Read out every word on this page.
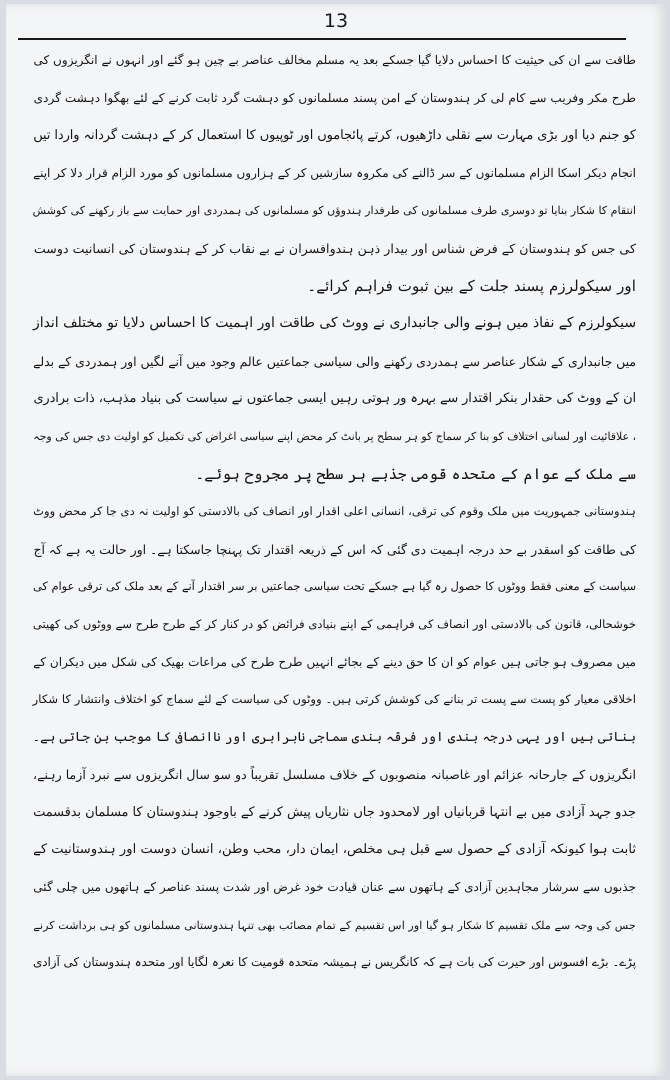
13
طاقت سے ان کی حیثیت کا احساس دلایا گیا جسکے بعد یہ مسلم مخالف عناصر بے چین ہو گئے اور انہوں نے انگریزوں کی
طرح مکر وفریب سے کام لی کر ہندوستان کے امن پسند مسلمانوں کو دہشت گرد ثابت کرنے کے لئے بھگوا دہشت گردی
کو جنم دیا اور بڑی مہارت سے نقلی داڑھیوں، کرتے پائجاموں اور ٹوپیوں کا استعمال کر کے دہشت گردانہ واردا تیں
انجام دیکر اسکا الزام مسلمانوں کے سر ڈالنے کی مکروہ سازشیں کر کے ہزاروں مسلمانوں کو مورد الزام قرار دلا کر اپنے
انتقام کا شکار بنایا تو دوسری طرف مسلمانوں کی طرفدار ہندوؤں کو مسلمانوں کی ہمدردی اور حمایت سے باز رکھنے کی کوشش
کی جس کو ہندوستان کے فرض شناس اور بیدار ذہن ہندوافسران نے بے نقاب کر کے ہندوستان کی انسانیت دوست
اور سیکولرزم پسند جلت کے بین ثبوت فراہم کرائے۔
سیکولرزم کے نفاذ میں ہونے والی جانبداری نے ووٹ کی طاقت اور اہمیت کا احساس دلایا تو مختلف انداز
میں جانبداری کے شکار عناصر سے ہمدردی رکھنے والی سیاسی جماعتیں عالم وجود میں آنے لگیں اور ہمدردی کے بدلے
ان کے ووٹ کی حقدار بنکر اقتدار سے بہرہ ور ہوتی رہیں ایسی جماعتوں نے سیاست کی بنیاد مذہب، ذات برادری
، علاقائیت اور لسانی اختلاف کو بنا کر سماج کو ہر سطح پر بانٹ کر محض اپنے سیاسی اغراض کی تکمیل کو اولیت دی جس کی وجہ
سے ملک کے عوام کے متحدہ قومی جذبے ہر سطح پر مجروح ہوئے۔
ہندوستانی جمہوریت میں ملک وقوم کی ترقی، انسانی اعلی اقدار اور انصاف کی بالادستی کو اولیت نہ دی جا کر محض ووٹ
کی طاقت کو اسقدر بے حد درجہ اہمیت دی گئی کہ اس کے ذریعہ اقتدار تک پہنچا جاسکتا ہے۔ اور حالت یہ ہے کہ آج
سیاست کے معنی فقط ووٹوں کا حصول رہ گیا ہے جسکے تحت سیاسی جماعتیں بر سر اقتدار آنے کے بعد ملک کی ترقی عوام کی
خوشحالی، قانون کی بالادستی اور انصاف کی فراہمی کے اپنے بنیادی فرائض کو در کنار کر کے طرح طرح سے ووٹوں کی کھیتی
میں مصروف ہو جاتی ہیں عوام کو ان کا حق دینے کے بجائے انہیں طرح طرح کی مراعات بھیک کی شکل میں دیکران کے
اخلاقی معیار کو پست سے پست تر بنانے کی کوشش کرتی ہیں۔ ووٹوں کی سیاست کے لئے سماج کو اختلاف وانتشار کا شکار
بناتی ہیں اور یہی درجہ بندی اور فرقہ بندی سماجی نابرابری اور ناانصافی کا موجب بن جاتی ہے۔
انگریزوں کے جارحانہ عزائم اور غاصبانہ منصوبوں کے خلاف مسلسل تقریباً دو سو سال انگریزوں سے نبرد آزما رہنے،
جدو جہد آزادی میں بے انتہا قربانیاں اور لامحدود جاں نثاریاں پیش کرنے کے باوجود ہندوستان کا مسلمان بدقسمت
ثابت ہوا کیونکہ آزادی کے حصول سے قبل ہی مخلص، ایمان دار، محب وطن، انسان دوست اور ہندوستانیت کے
جذبوں سے سرشار مجاہدین آزادی کے ہاتھوں سے عنان قیادت خود غرض اور شدت پسند عناصر کے ہاتھوں میں چلی گئی
جس کی وجہ سے ملک تقسیم کا شکار ہو گیا اور اس تقسیم کے تمام مصائب بھی تنہا ہندوستانی مسلمانوں کو ہی برداشت کرنے
پڑے۔ بڑے افسوس اور حیرت کی بات ہے کہ کانگریس نے ہمیشہ متحدہ قومیت کا نعرہ لگایا اور متحدہ ہندوستان کی آزادی
